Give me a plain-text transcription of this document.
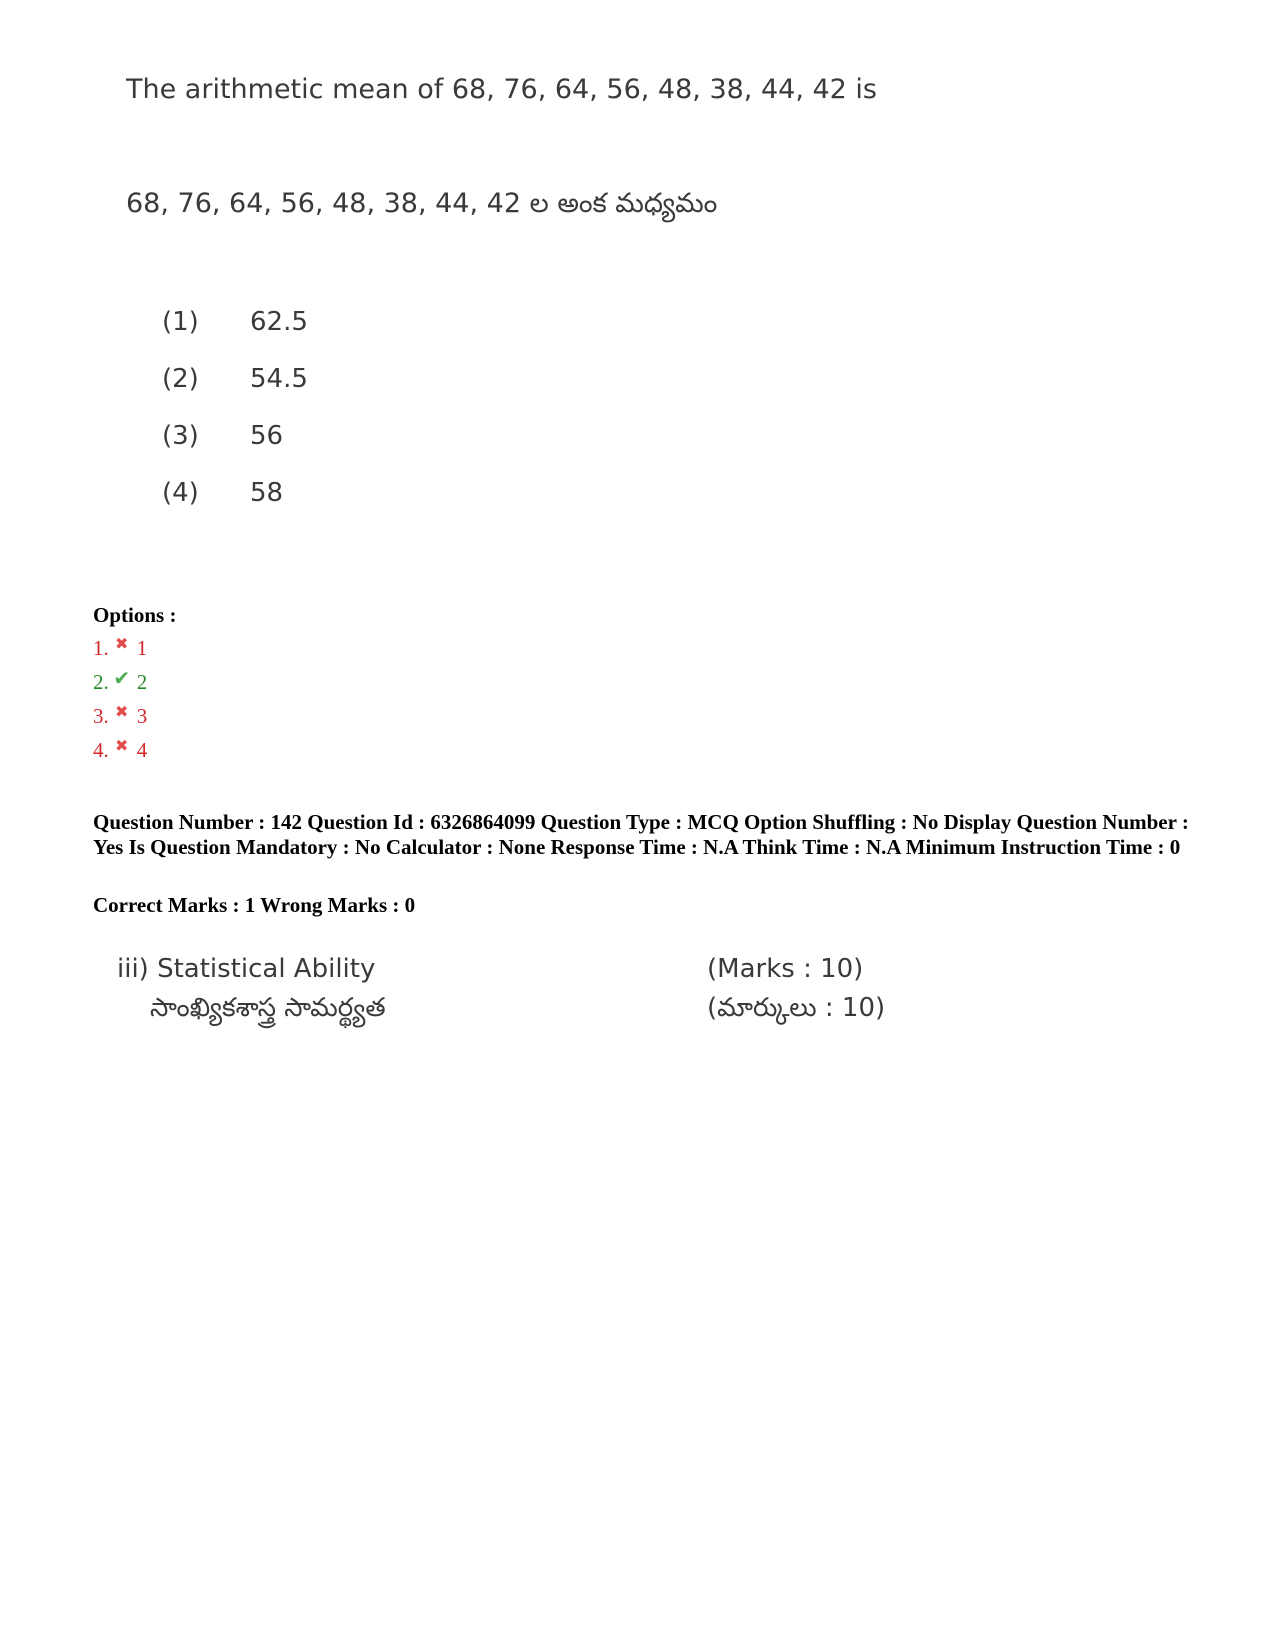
The arithmetic mean of 68, 76, 64, 56, 48, 38, 44, 42 is
68, 76, 64, 56, 48, 38, 44, 42 ల అంక మధ్యమం
(1) 62.5
(2) 54.5
(3) 56
(4) 58
Options :
1. ✖ 1
2. ✔ 2
3. ✖ 3
4. ✖ 4
Question Number : 142 Question Id : 6326864099 Question Type : MCQ Option Shuffling : No Display Question Number : Yes Is Question Mandatory : No Calculator : None Response Time : N.A Think Time : N.A Minimum Instruction Time : 0
Correct Marks : 1 Wrong Marks : 0
iii) Statistical Ability
సాంఖ్యికశాస్త్ర సామర్థ్యత
(Marks : 10)
(మార్కులు : 10)
